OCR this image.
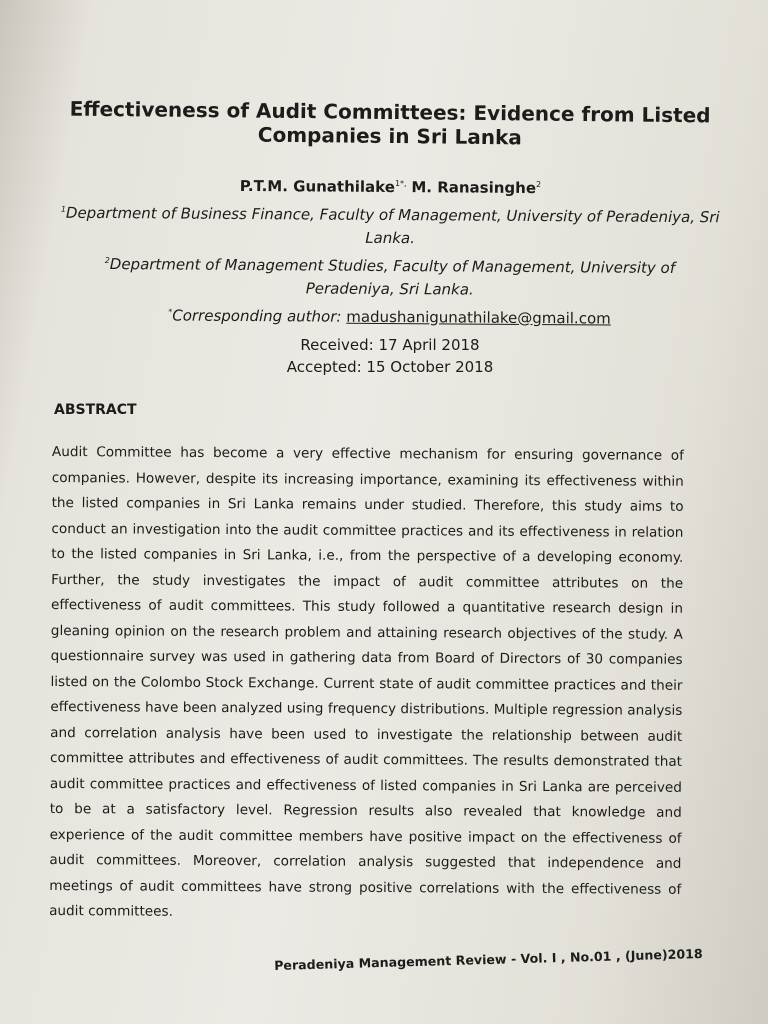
Effectiveness of Audit Committees: Evidence from Listed Companies in Sri Lanka
P.T.M. Gunathilake$^{1*,}$ M. Ranasinghe$^2$
$^1$Department of Business Finance, Faculty of Management, University of Peradeniya, Sri Lanka.
$^2$Department of Management Studies, Faculty of Management, University of Peradeniya, Sri Lanka.
*Corresponding author: madushanigunathilake@gmail.com
Received: 17 April 2018
Accepted: 15 October 2018
ABSTRACT

Audit Committee has become a very effective mechanism for ensuring governance of companies. However, despite its increasing importance, examining its effectiveness within the listed companies in Sri Lanka remains under studied. Therefore, this study aims to conduct an investigation into the audit committee practices and its effectiveness in relation to the listed companies in Sri Lanka, i.e., from the perspective of a developing economy. Further, the study investigates the impact of audit committee attributes on the effectiveness of audit committees. This study followed a quantitative research design in gleaning opinion on the research problem and attaining research objectives of the study. A questionnaire survey was used in gathering data from Board of Directors of 30 companies listed on the Colombo Stock Exchange. Current state of audit committee practices and their effectiveness have been analyzed using frequency distributions. Multiple regression analysis and correlation analysis have been used to investigate the relationship between audit committee attributes and effectiveness of audit committees. The results demonstrated that audit committee practices and effectiveness of listed companies in Sri Lanka are perceived to be at a satisfactory level. Regression results also revealed that knowledge and experience of the audit committee members have positive impact on the effectiveness of audit committees. Moreover, correlation analysis suggested that independence and meetings of audit committees have strong positive correlations with the effectiveness of audit committees.

Peradeniya Management Review - Vol. I , No.01 , (June)2018
